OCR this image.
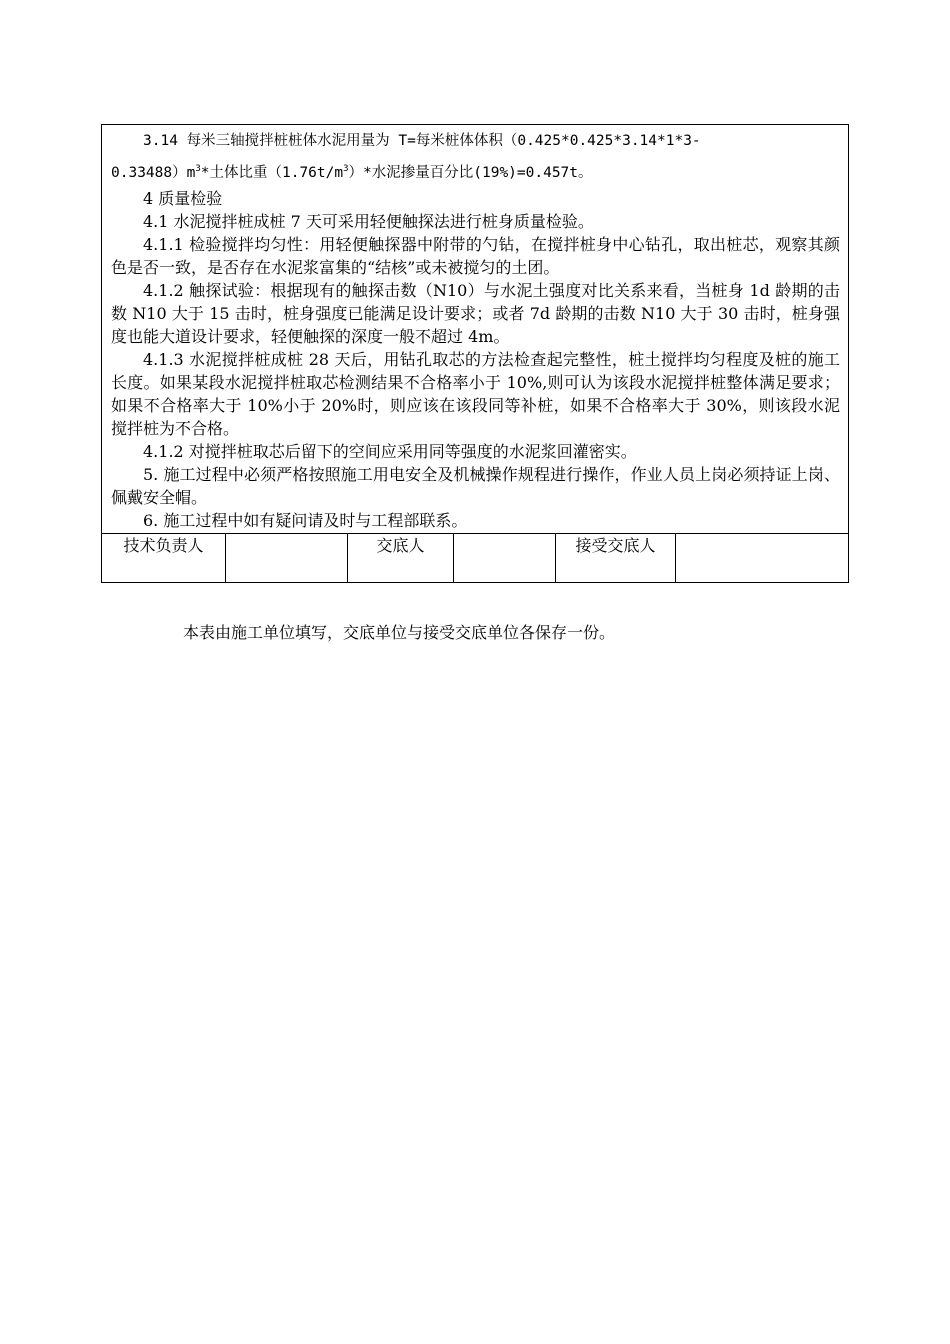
3.14 每米三轴搅拌桩桩体水泥用量为 T=每米桩体体积（0.425*0.425*3.14*1*3-

$0.33488)m^3*$土体比重$(1.76t/m^3)*$水泥掺量百分比(19%)=0.457t。

4 质量检验

4.1 水泥搅拌桩成桩 7 天可采用轻便触探法进行桩身质量检验。

4.1.1 检验搅拌均匀性：用轻便触探器中附带的勺钻，在搅拌桩身中心钻孔，取出桩芯，观察其颜色是否一致，是否存在水泥浆富集的“结核”或未被搅匀的土团。

4.1.2 触探试验：根据现有的触探击数（N10）与水泥土强度对比关系来看，当桩身 1d 龄期的击数 N10 大于 15 击时，桩身强度已能满足设计要求；或者 7d 龄期的击数 N10 大于 30 击时，桩身强度也能大道设计要求，轻便触探的深度一般不超过 4m。

4.1.3 水泥搅拌桩成桩 28 天后，用钻孔取芯的方法检查起完整性，桩土搅拌均匀程度及桩的施工长度。如果某段水泥搅拌桩取芯检测结果不合格率小于 10%,则可认为该段水泥搅拌桩整体满足要求；如果不合格率大于 10%小于 20%时，则应该在该段同等补桩，如果不合格率大于 30%，则该段水泥搅拌桩为不合格。

4.1.2 对搅拌桩取芯后留下的空间应采用同等强度的水泥浆回灌密实。

5. 施工过程中必须严格按照施工用电安全及机械操作规程进行操作，作业人员上岗必须持证上岗、佩戴安全帽。

6. 施工过程中如有疑问请及时与工程部联系。

技术负责人	交底人	接受交底人
本表由施工单位填写，交底单位与接受交底单位各保存一份。
